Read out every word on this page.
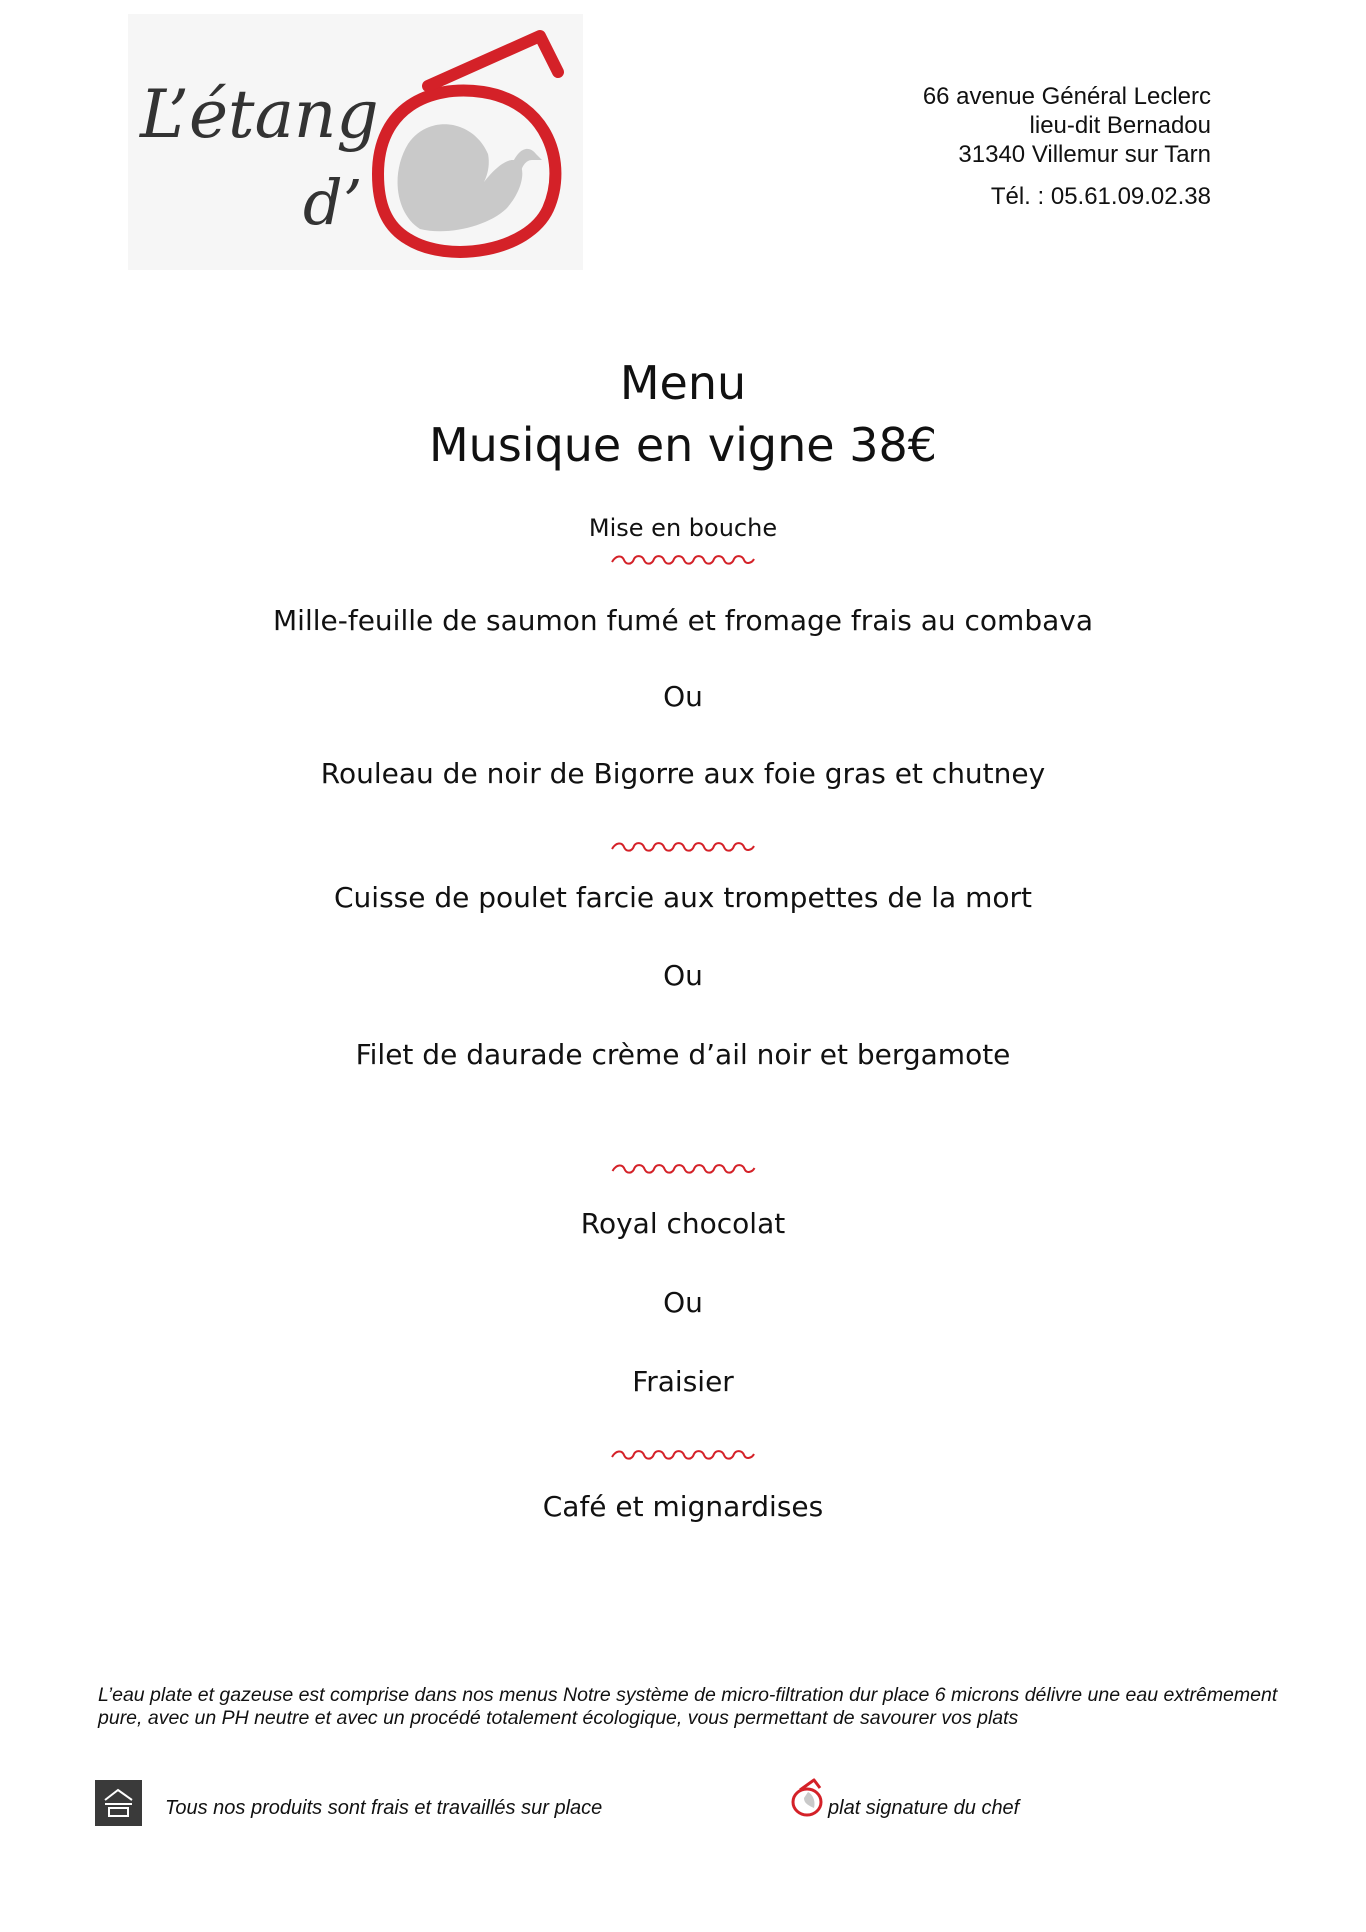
L’étang
d’
66 avenue Général Leclerc
lieu-dit Bernadou
31340 Villemur sur Tarn
Tél. : 05.61.09.02.38
Menu
Musique en vigne 38€
Mise en bouche
Mille-feuille de saumon fumé et fromage frais au combava
Ou
Rouleau de noir de Bigorre aux foie gras et chutney
Cuisse de poulet farcie aux trompettes de la mort
Ou
Filet de daurade crème d’ail noir et bergamote
Royal chocolat
Ou
Fraisier
Café et mignardises
L’eau plate et gazeuse est comprise dans nos menus Notre système de micro-filtration dur place 6 microns délivre une eau extrêmement pure, avec un PH neutre et avec un procédé totalement écologique, vous permettant de savourer vos plats
Tous nos produits sont frais et travaillés sur place	plat signature du chef
